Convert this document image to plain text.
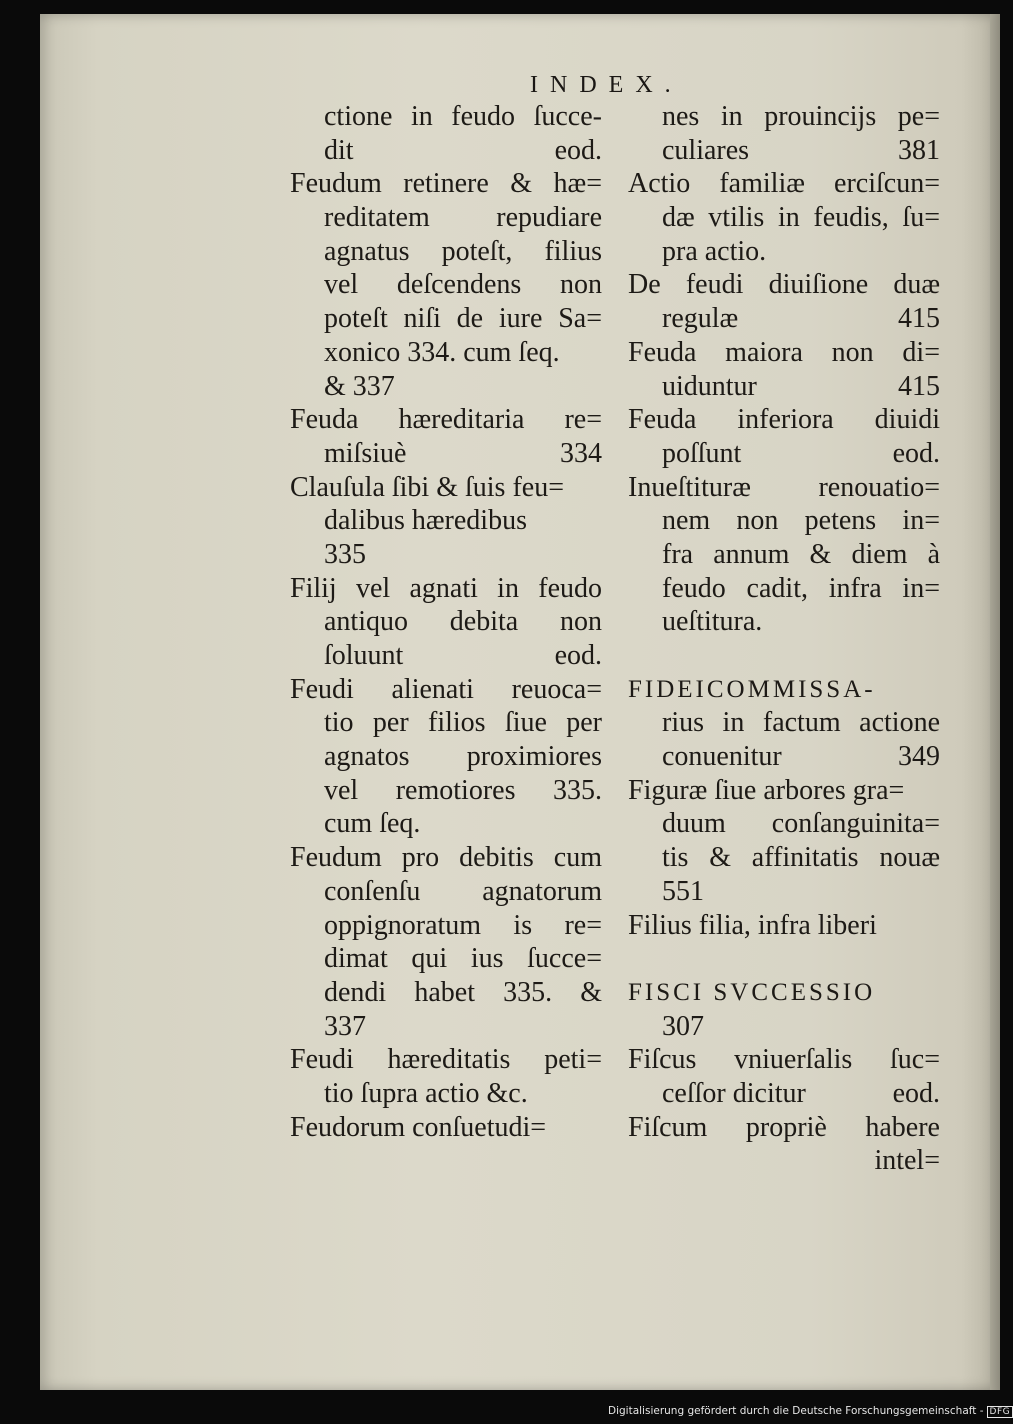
INDEX.
ctione in feudo ſucce-
dit	eod.
Feudum retinere & hæ=
reditatem repudiare
agnatus poteſt, filius
vel deſcendens non
poteſt niſi de iure Sa=
xonico 334. cum ſeq.
& 337
Feuda hæreditaria re=
miſsiuè	334
Clauſula ſibi & ſuis feu=
dalibus hæredibus
335
Filij vel agnati in feudo
antiquo debita non
ſoluunt	eod.
Feudi alienati reuoca=
tio per filios ſiue per
agnatos proximiores
vel remotiores 335.
cum ſeq.
Feudum pro debitis cum
conſenſu agnatorum
oppignoratum is re=
dimat qui ius ſucce=
dendi habet 335. &
337
Feudi hæreditatis peti=
tio ſupra actio &c.
Feudorum conſuetudi=
nes in prouincijs pe=
culiares	381
Actio familiæ erciſcun=
dæ vtilis in feudis, ſu=
pra actio.
De feudi diuiſione duæ
regulæ	415
Feuda maiora non di=
uiduntur	415
Feuda inferiora diuidi
poſſunt	eod.
Inueſtituræ renouatio=
nem non petens in=
fra annum & diem à
feudo cadit, infra in=
ueſtitura.
FIDEICOMMISSA-
rius in factum actione
conuenitur	349
Figuræ ſiue arbores gra=
duum conſanguinita=
tis & affinitatis nouæ
551
Filius filia, infra liberi
FISCI SVCCESSIO
307
Fiſcus vniuerſalis ſuc=
ceſſor dicitur	eod.
Fiſcum propriè habere
intel=
Digitalisierung gefördert durch die Deutsche Forschungsgemeinschaft - DFG
